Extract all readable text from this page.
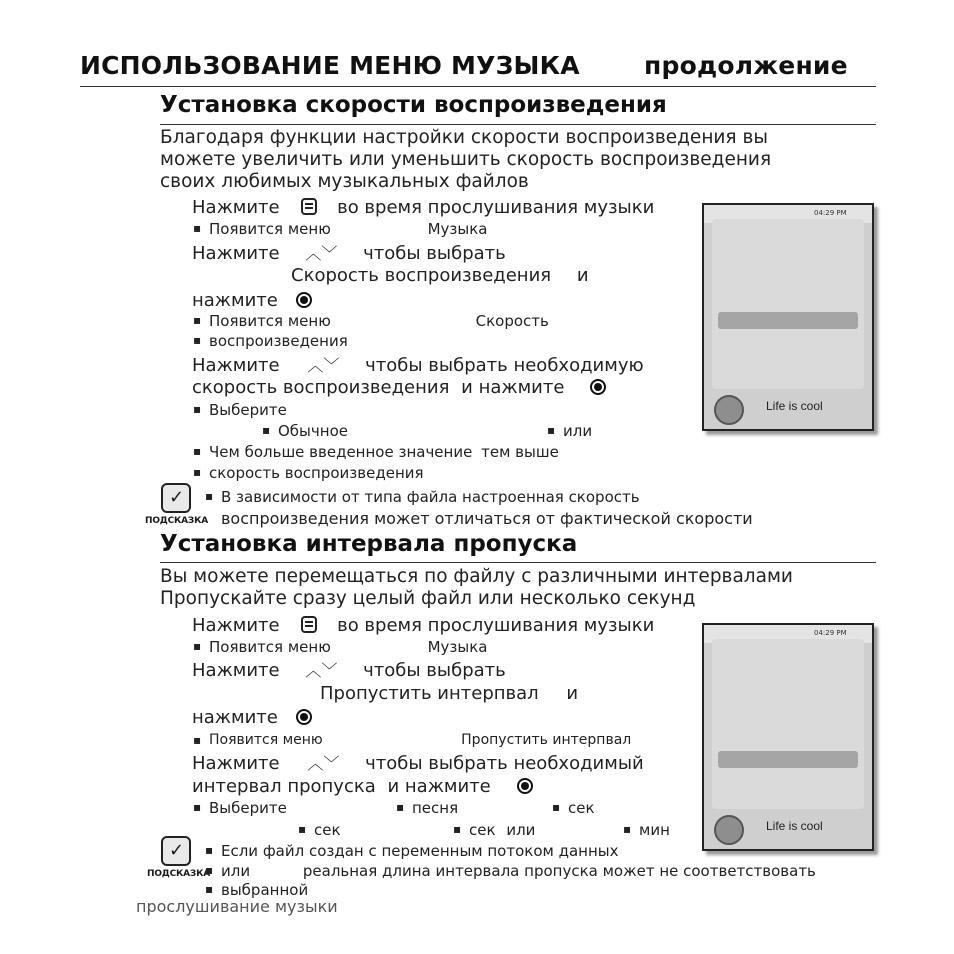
ИСПОЛЬЗОВАНИЕ МЕНЮ МУЗЫКА	продолжение
Установка скорости воспроизведения
Благодаря функции настройки скорости воспроизведения вы
можете увеличить или уменьшить скорость воспроизведения
своих любимых музыкальных файлов
Нажмите	во время прослушивания музыки
▪ Появится меню	Музыка
Нажмите ︿﹀ чтобы выбрать
Скорость воспроизведения и
нажмите
▪ Появится меню	Скорость
▪ воспроизведения
Нажмите ︿﹀ чтобы выбрать необходимую
скорость воспроизведения и нажмите
▪ Выберите
▪ Обычное	▪ или
▪ Чем больше введенное значение тем выше
▪ скорость воспроизведения
✓
ПОДСКАЗКА
▪ В зависимости от типа файла настроенная скорость
воспроизведения может отличаться от фактической скорости
04:29 PM
Life is cool
Установка интервала пропуска
Вы можете перемещаться по файлу с различными интервалами
Пропускайте сразу целый файл или несколько секунд
Нажмите	во время прослушивания музыки
▪ Появится меню	Музыка
Нажмите ︿﹀ чтобы выбрать
Пропустить интерпвал и
нажмите
▪ Появится меню	Пропустить интерпвал
Нажмите ︿﹀ чтобы выбрать необходимый
интервал пропуска и нажмите
▪ Выберите	▪ песня	▪ сек
▪ сек	▪ сек или	▪ мин
✓
ПОДСКАЗКА
▪ Если файл создан с переменным потоком данных
▪ или	реальная длина интервала пропуска может не соответствовать
▪ выбранной
04:29 PM
Life is cool
прослушивание музыки
